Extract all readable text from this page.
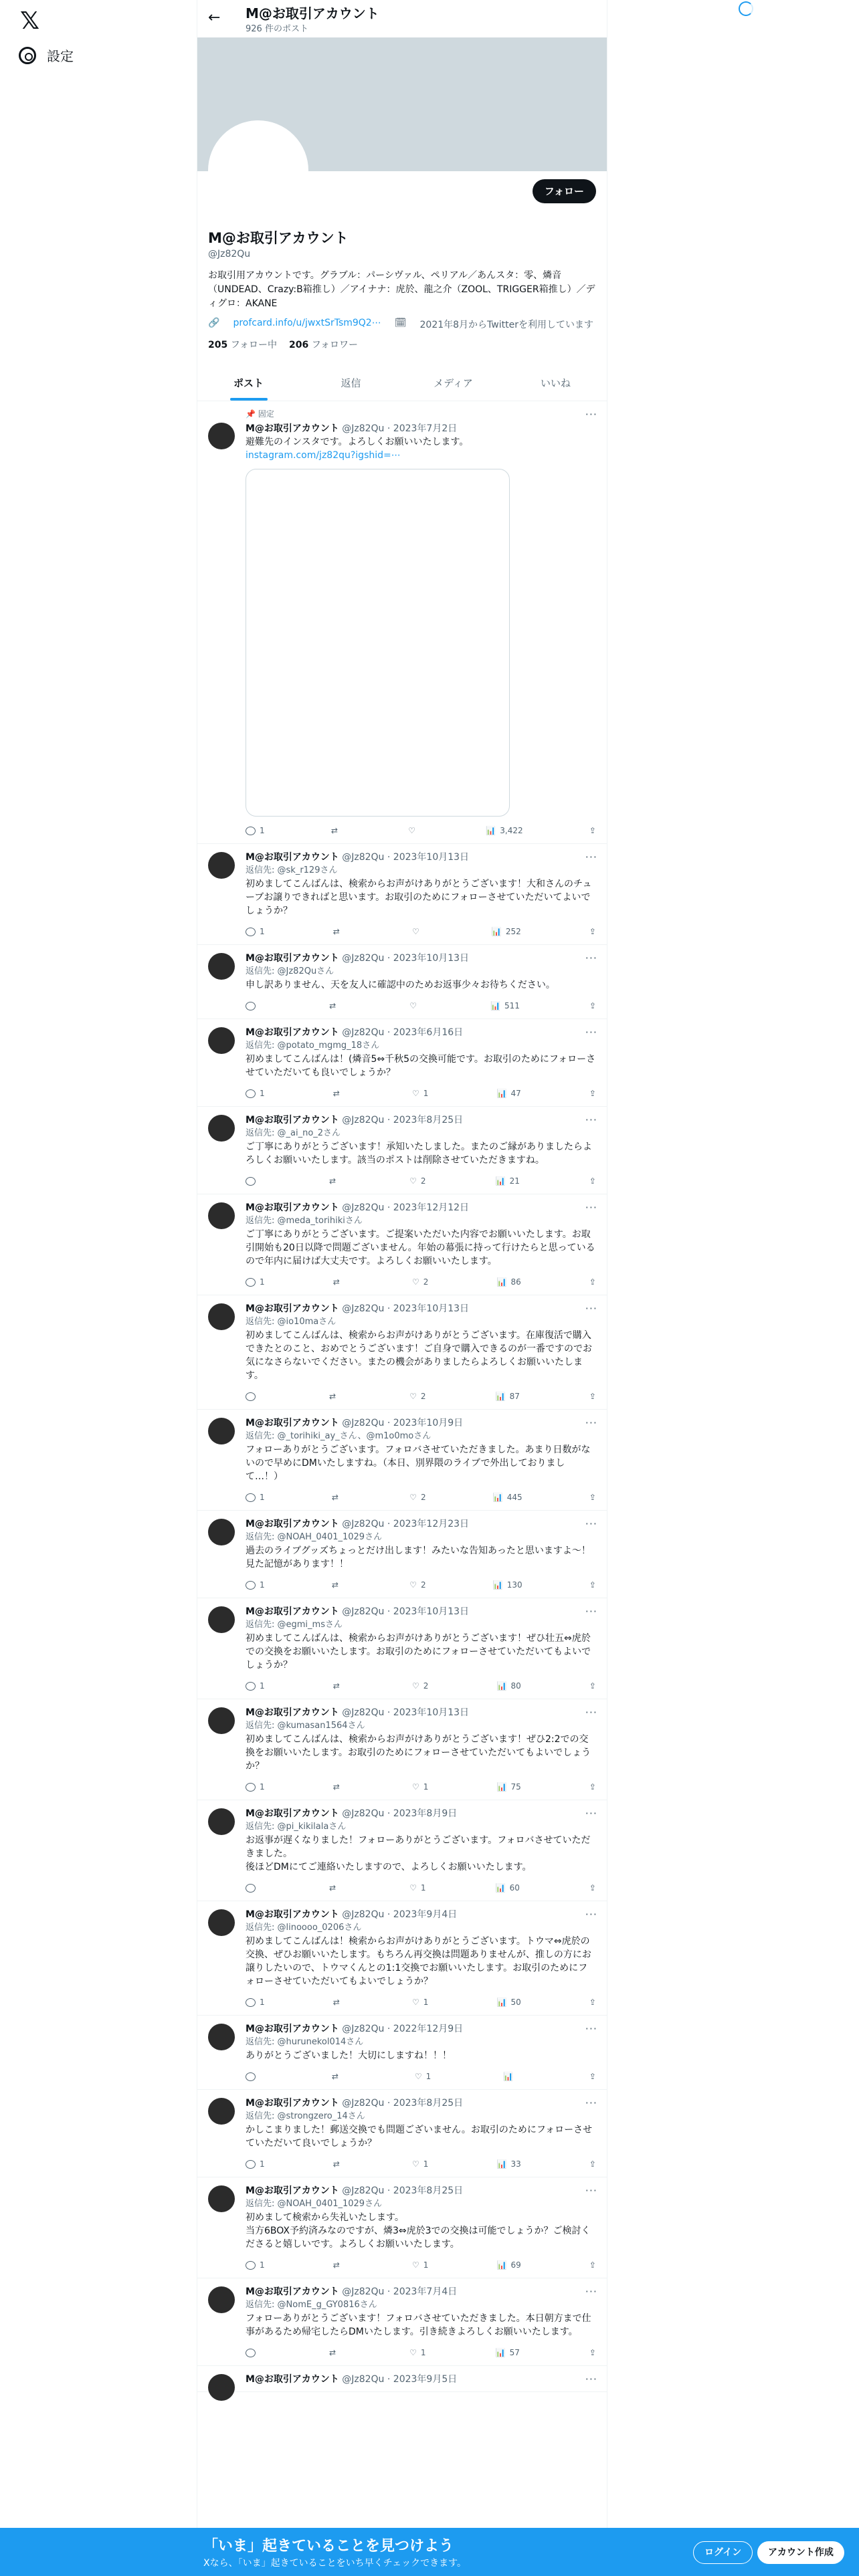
𝕏
設定
← M@お取引アカウント
926 件のポスト
フォロー
M@お取引アカウント
@Jz82Qu
お取引用アカウントです。グラブル：パーシヴァル、ペリアル／あんスタ：零、燐音（UNDEAD、Crazy:B箱推し）／アイナナ：虎於、龍之介（ZOOL、TRIGGER箱推し）／ディグロ：AKANE
🔗 profcard.info/u/jwxtSrTsm9Q2⋯ 🗓 2021年8月からTwitterを利用しています
205 フォロー中 206 フォロワー
ポスト	返信	メディア	いいね
📌 固定	···
M@お取引アカウント @Jz82Qu · 2023年7月2日
避難先のインスタです。よろしくお願いいたします。
instagram.com/jz82qu?igshid=⋯
1	⇄	♡	📊 3,422	⇪
···
M@お取引アカウント @Jz82Qu · 2023年10月13日
返信先: @sk_r129さん
初めましてこんばんは、検索からお声がけありがとうございます！大和さんのチューブお譲りできればと思います。お取引のためにフォローさせていただいてよいでしょうか？
1	⇄	♡	📊 252	⇪
···
M@お取引アカウント @Jz82Qu · 2023年10月13日
返信先: @Jz82Quさん
申し訳ありません、天を友人に確認中のためお返事少々お待ちください。
⇄	♡	📊 511	⇪
···
M@お取引アカウント @Jz82Qu · 2023年6月16日
返信先: @potato_mgmg_18さん
初めましてこんばんは！(燐音5⇔千秋5の交換可能です。お取引のためにフォローさせていただいても良いでしょうか？
1	⇄	♡ 1	📊 47	⇪
···
M@お取引アカウント @Jz82Qu · 2023年8月25日
返信先: @_ai_no_2さん
ご丁寧にありがとうございます！承知いたしました。またのご縁がありましたらよろしくお願いいたします。該当のポストは削除させていただきますね。
⇄	♡ 2	📊 21	⇪
···
M@お取引アカウント @Jz82Qu · 2023年12月12日
返信先: @meda_torihikiさん
ご丁寧にありがとうございます。ご提案いただいた内容でお願いいたします。お取引開始も20日以降で問題ございません。年始の幕張に持って行けたらと思っているので年内に届けば大丈夫です。よろしくお願いいたします。
1	⇄	♡ 2	📊 86	⇪
···
M@お取引アカウント @Jz82Qu · 2023年10月13日
返信先: @io10maさん
初めましてこんばんは、検索からお声がけありがとうございます。在庫復活で購入できたとのこと、おめでとうございます！ご自身で購入できるのが一番ですのでお気になさらないでください。またの機会がありましたらよろしくお願いいたします。
⇄	♡ 2	📊 87	⇪
···
M@お取引アカウント @Jz82Qu · 2023年10月9日
返信先: @_torihiki_ay_さん、@m1o0moさん
フォローありがとうございます。フォロバさせていただきました。あまり日数がないので早めにDMいたしますね。（本日、別界隈のライブで外出しておりまして…！）
1	⇄	♡ 2	📊 445	⇪
···
M@お取引アカウント @Jz82Qu · 2023年12月23日
返信先: @NOAH_0401_1029さん
過去のライブグッズちょっとだけ出します！みたいな告知あったと思いますよ〜！見た記憶があります！！
1	⇄	♡ 2	📊 130	⇪
···
M@お取引アカウント @Jz82Qu · 2023年10月13日
返信先: @egmi_msさん
初めましてこんばんは、検索からお声がけありがとうございます！ぜひ壮五⇔虎於での交換をお願いいたします。お取引のためにフォローさせていただいてもよいでしょうか？
1	⇄	♡ 2	📊 80	⇪
···
M@お取引アカウント @Jz82Qu · 2023年10月13日
返信先: @kumasan1564さん
初めましてこんばんは、検索からお声がけありがとうございます！ぜひ2:2での交換をお願いいたします。お取引のためにフォローさせていただいてもよいでしょうか？
1	⇄	♡ 1	📊 75	⇪
···
M@お取引アカウント @Jz82Qu · 2023年8月9日
返信先: @pi_kikilalaさん
お返事が遅くなりました！フォローありがとうございます。フォロバさせていただきました。
後ほどDMにてご連絡いたしますので、よろしくお願いいたします。
⇄	♡ 1	📊 60	⇪
···
M@お取引アカウント @Jz82Qu · 2023年9月4日
返信先: @linoooo_0206さん
初めましてこんばんは！検索からお声がけありがとうございます。トウマ⇔虎於の交換、ぜひお願いいたします。もちろん再交換は問題ありませんが、推しの方にお譲りしたいので、トウマくんとの1:1交換でお願いいたします。お取引のためにフォローさせていただいてもよいでしょうか？
1	⇄	♡ 1	📊 50	⇪
···
M@お取引アカウント @Jz82Qu · 2022年12月9日
返信先: @hurunekol014さん
ありがとうございました！大切にしますね！！！
⇄	♡ 1	📊	⇪
···
M@お取引アカウント @Jz82Qu · 2023年8月25日
返信先: @strongzero_14さん
かしこまりました！郵送交換でも問題ございません。お取引のためにフォローさせていただいて良いでしょうか？
1	⇄	♡ 1	📊 33	⇪
···
M@お取引アカウント @Jz82Qu · 2023年8月25日
返信先: @NOAH_0401_1029さん
初めまして検索から失礼いたします。
当方6BOX予約済みなのですが、燐3⇔虎於3での交換は可能でしょうか？ご検討くださると嬉しいです。よろしくお願いいたします。
1	⇄	♡ 1	📊 69	⇪
···
M@お取引アカウント @Jz82Qu · 2023年7月4日
返信先: @NomE_g_GY0816さん
フォローありがとうございます！フォロバさせていただきました。本日朝方まで仕事があるため帰宅したらDMいたします。引き続きよろしくお願いいたします。
⇄	♡ 1	📊 57	⇪
···
M@お取引アカウント @Jz82Qu · 2023年9月5日
「いま」起きていることを見つけよう
Xなら、「いま」起きていることをいち早くチェックできます。
ログイン	アカウント作成
